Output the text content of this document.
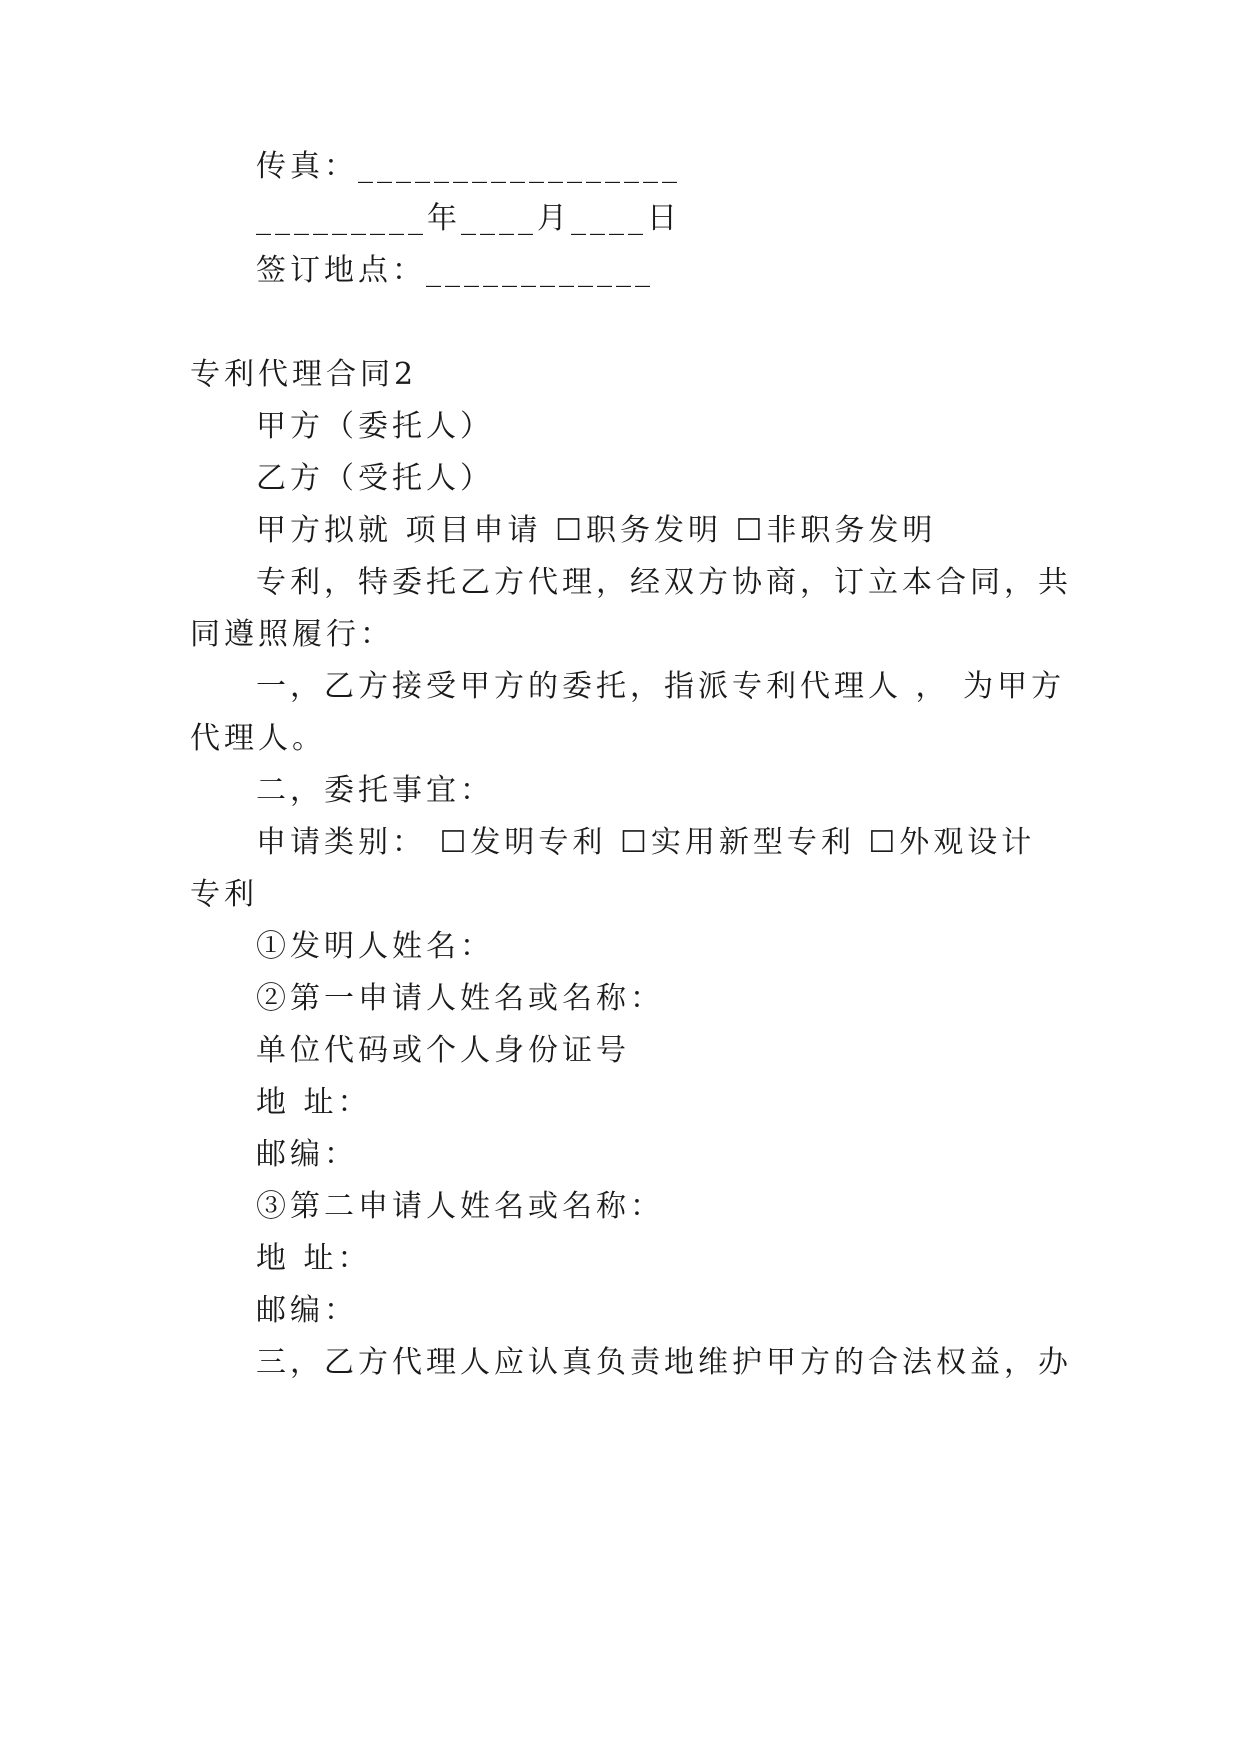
传真：_________________
_________年____月____日
签订地点：____________
专利代理合同2
甲方（委托人）
乙方（受托人）
甲方拟就 项目申请 ☐职务发明 ☐非职务发明
专利，特委托乙方代理，经双方协商，订立本合同，共
同遵照履行：
一，乙方接受甲方的委托，指派专利代理人 ， 为甲方
代理人。
二，委托事宜：
申请类别： ☐发明专利 ☐实用新型专利 ☐外观设计
专利
①发明人姓名：
②第一申请人姓名或名称：
单位代码或个人身份证号
地 址：
邮编：
③第二申请人姓名或名称：
地 址：
邮编：
三，乙方代理人应认真负责地维护甲方的合法权益，办
